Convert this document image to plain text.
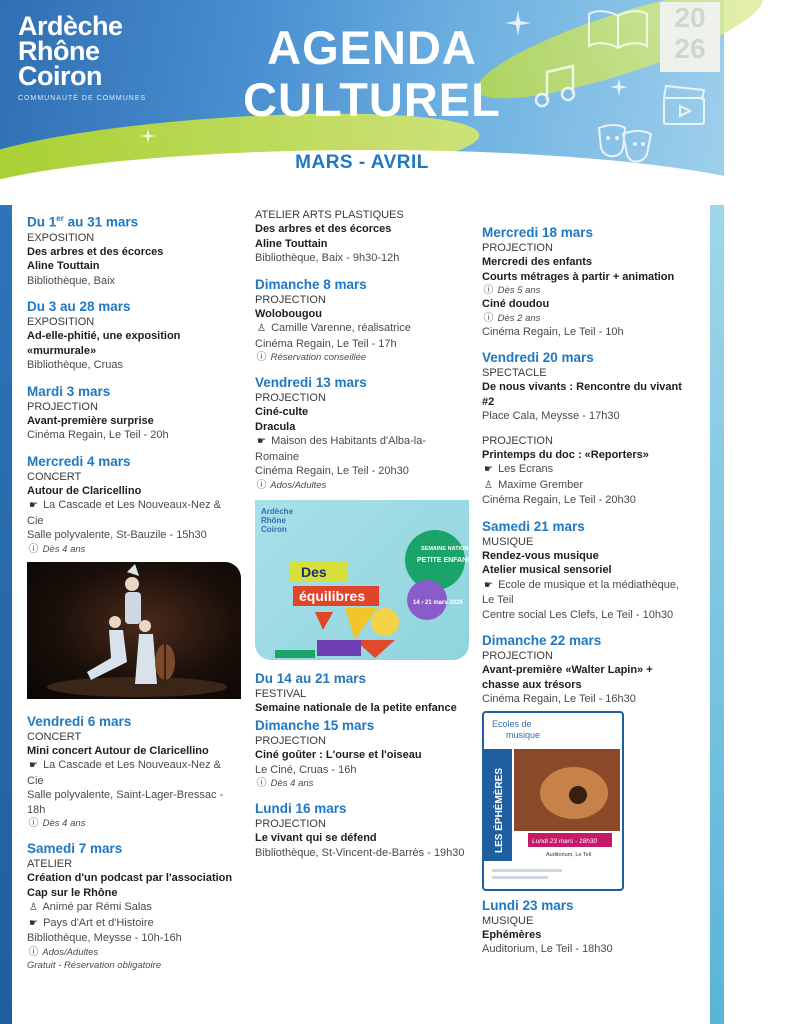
Ardèche
Rhône
Coiron
COMMUNAUTÉ DE COMMUNES
AGENDA
CULTUREL
20
26
MARS - AVRIL
Du 1er au 31 mars
EXPOSITION
Des arbres et des écorces
Aline Touttain
Bibliothèque, Baix
Du 3 au 28 mars
EXPOSITION
Ad-elle-phitié, une exposition «murmurale»
Bibliothèque, Cruas
Mardi 3 mars
PROJECTION
Avant-première surprise
Cinéma Regain, Le Teil - 20h
Mercredi 4 mars
CONCERT
Autour de Claricellino
☛ La Cascade et Les Nouveaux-Nez & Cie
Salle polyvalente, St-Bauzile - 15h30
ⓘ Dès 4 ans
Vendredi 6 mars
CONCERT
Mini concert Autour de Claricellino
☛ La Cascade et Les Nouveaux-Nez & Cie
Salle polyvalente, Saint-Lager-Bressac - 18h
ⓘ Dès 4 ans
Samedi 7 mars
ATELIER
Création d'un podcast par l'association Cap sur le Rhône
♙ Animé par Rémi Salas
☛ Pays d'Art et d'Histoire
Bibliothèque, Meysse - 10h-16h
ⓘ Ados/Adultes
Gratuit - Réservation obligatoire
ATELIER ARTS PLASTIQUES
Des arbres et des écorces
Aline Touttain
Bibliothèque, Baix - 9h30-12h
Dimanche 8 mars
PROJECTION
Wolobougou
♙ Camille Varenne, réalisatrice
Cinéma Regain, Le Teil - 17h
ⓘ Réservation conseillée
Vendredi 13 mars
PROJECTION
Ciné-culte
Dracula
☛ Maison des Habitants d'Alba-la-Romaine
Cinéma Regain, Le Teil - 20h30
ⓘ Ados/Adultes
Ardèche
Rhône
Coiron
Des
équilibres
SEMAINE NATIONALE DE LA
PETITE ENFANCE
14 › 21 mars 2026
Du 14 au 21 mars
FESTIVAL
Semaine nationale de la petite enfance
Dimanche 15 mars
PROJECTION
Ciné goûter : L'ourse et l'oiseau
Le Ciné, Cruas - 16h
ⓘ Dès 4 ans
Lundi 16 mars
PROJECTION
Le vivant qui se défend
Bibliothèque, St-Vincent-de-Barrès - 19h30
Mercredi 18 mars
PROJECTION
Mercredi des enfants
Courts métrages à partir + animation
ⓘ Dès 5 ans
Ciné doudou
ⓘ Dès 2 ans
Cinéma Regain, Le Teil - 10h
Vendredi 20 mars
SPECTACLE
De nous vivants : Rencontre du vivant #2
Place Cala, Meysse - 17h30
PROJECTION
Printemps du doc : «Reporters»
☛ Les Ecrans
♙ Maxime Grember
Cinéma Regain, Le Teil - 20h30
Samedi 21 mars
MUSIQUE
Rendez-vous musique
Atelier musical sensoriel
☛ Ecole de musique et la médiathèque, Le Teil
Centre social Les Clefs, Le Teil - 10h30
Dimanche 22 mars
PROJECTION
Avant-première «Walter Lapin» + chasse aux trésors
Cinéma Regain, Le Teil - 16h30
Ecoles de
musique
LES ÉPHÉMÈRES	Lundi 23 mars - 18h30
Auditorium, Le Teil
Lundi 23 mars
MUSIQUE
Ephémères
Auditorium, Le Teil - 18h30
